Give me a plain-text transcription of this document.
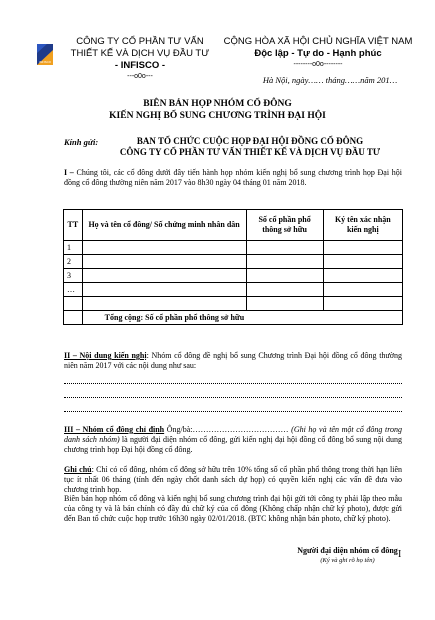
INFISCO
CÔNG TY CỔ PHẦN TƯ VẤN
THIẾT KẾ VÀ DỊCH VỤ ĐẦU TƯ
- INFISCO -
---o0o---
CỘNG HÒA XÃ HỘI CHỦ NGHĨA VIỆT NAM
Độc lập - Tự do - Hạnh phúc
--------o0o--------
Hà Nội, ngày…… tháng……năm 201…
BIÊN BẢN HỌP NHÓM CỔ ĐÔNG
KIẾN NGHỊ BỔ SUNG CHƯƠNG TRÌNH ĐẠI HỘI
Kính gửi:	BAN TỔ CHỨC CUỘC HỌP ĐẠI HỘI ĐỒNG CỔ ĐÔNG
CÔNG TY CỔ PHẦN TƯ VẤN THIẾT KẾ VÀ DỊCH VỤ ĐẦU TƯ
I – Chúng tôi, các cổ đông dưới đây tiến hành họp nhóm kiến nghị bổ sung chương trình họp Đại hội đồng cổ đông thường niên năm 2017 vào 8h30 ngày 04 tháng 01 năm 2018.
TT	Họ và tên cổ đông/ Số chứng minh nhân dân	Số cổ phần phổ thông sở hữu	Ký tên xác nhận kiến nghị
1			
2			
3			
…			

	Tổng cộng: Số cổ phần phổ thông sở hữu		
II – Nội dung kiến nghị: Nhóm cổ đông đề nghị bổ sung Chương trình Đại hội đồng cổ đông thường niên năm 2017 với các nội dung như sau:
III – Nhóm cổ đông chỉ định Ông/bà:……………………………… (Ghi họ và tên một cổ đông trong danh sách nhóm) là người đại diện nhóm cổ đông, gửi kiến nghị đại hội đồng cổ đông bổ sung nội dung chương trình họp Đại hội đồng cổ đông.
Ghi chú: Chỉ có cổ đông, nhóm cổ đông sở hữu trên 10% tổng số cổ phần phổ thông trong thời hạn liên tục ít nhất 06 tháng (tính đến ngày chốt danh sách dự họp) có quyền kiến nghị các vấn đề đưa vào chương trình họp.
Biên bản họp nhóm cổ đông và kiến nghị bổ sung chương trình đại hội gửi tới công ty phải lập theo mẫu của công ty và là bản chính có đầy đủ chữ ký của cổ đông (Không chấp nhận chữ ký photo), được gửi đến Ban tổ chức cuộc họp trước 16h30 ngày 02/01/2018. (BTC không nhận bản photo, chữ ký photo).
Người đại diện nhóm cổ đông
(Ký và ghi rõ họ tên)
I
